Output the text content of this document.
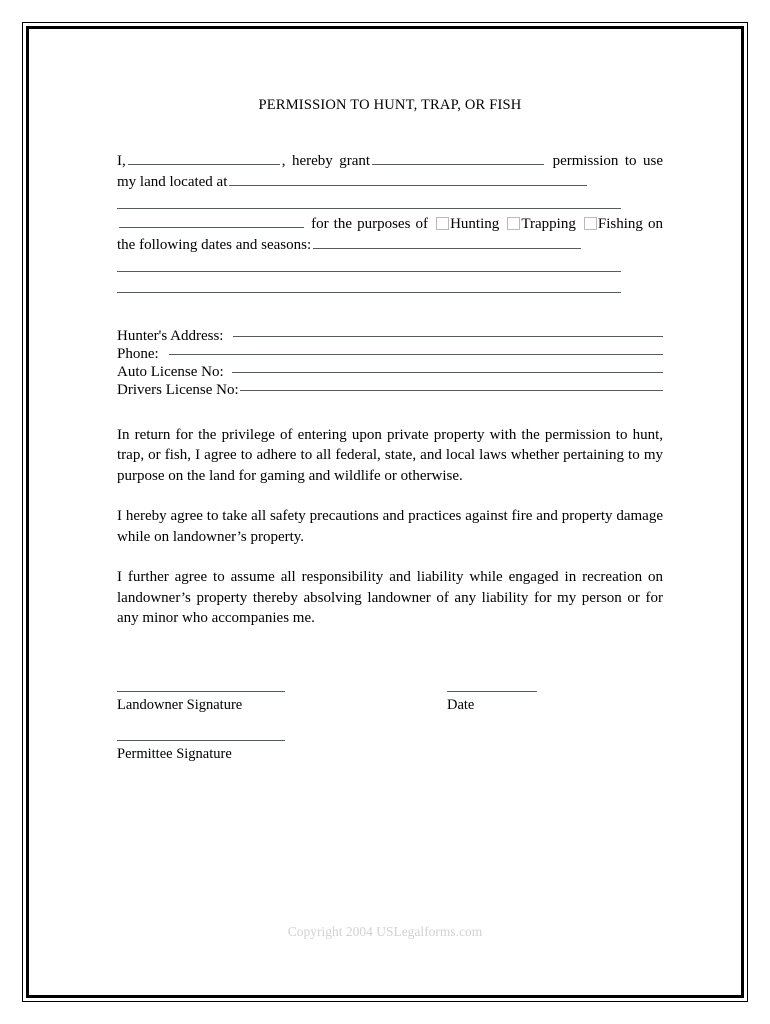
PERMISSION TO HUNT, TRAP, OR FISH
I,	, hereby grant	permission to use my land located at
for the purposes of Hunting Trapping Fishing on the following dates and seasons:
Hunter's Address:
Phone:
Auto License No:
Drivers License No:

In return for the privilege of entering upon private property with the permission to hunt, trap, or fish, I agree to adhere to all federal, state, and local laws whether pertaining to my purpose on the land for gaming and wildlife or otherwise.

I hereby agree to take all safety precautions and practices against fire and property damage while on landowner’s property.

I further agree to assume all responsibility and liability while engaged in recreation on landowner’s property thereby absolving landowner of any liability for my person or for any minor who accompanies me.

Landowner Signature	Date
Permittee Signature
Copyright 2004 USLegalforms.com
